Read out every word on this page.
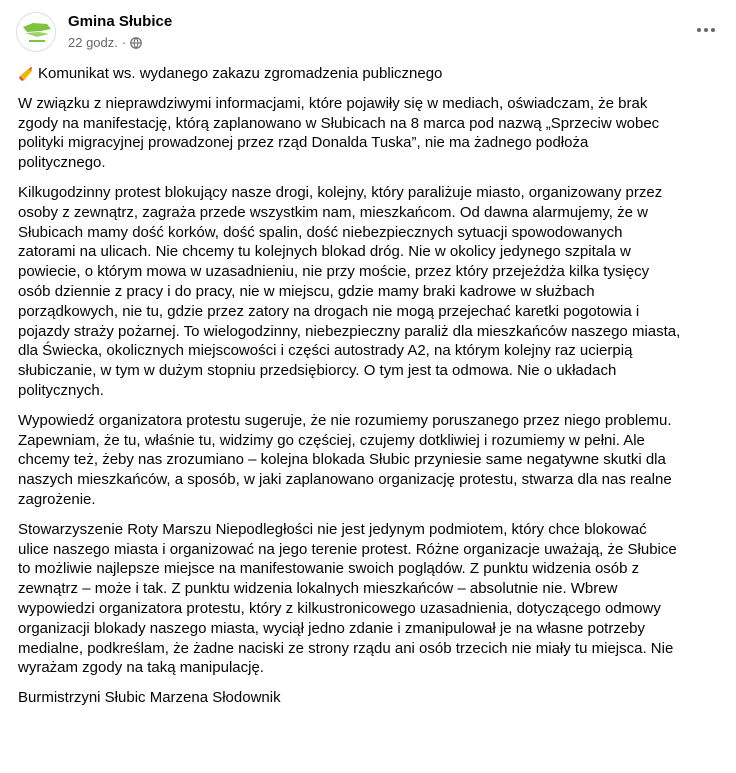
Gmina Słubice
22 godz. ·
Komunikat ws. wydanego zakazu zgromadzenia publicznego

W związku z nieprawdziwymi informacjami, które pojawiły się w mediach, oświadczam, że brak
zgody na manifestację, którą zaplanowano w Słubicach na 8 marca pod nazwą „Sprzeciw wobec
polityki migracyjnej prowadzonej przez rząd Donalda Tuska”, nie ma żadnego podłoża
politycznego.

Kilkugodzinny protest blokujący nasze drogi, kolejny, który paraliżuje miasto, organizowany przez
osoby z zewnątrz, zagraża przede wszystkim nam, mieszkańcom. Od dawna alarmujemy, że w
Słubicach mamy dość korków, dość spalin, dość niebezpiecznych sytuacji spowodowanych
zatorami na ulicach. Nie chcemy tu kolejnych blokad dróg. Nie w okolicy jedynego szpitala w
powiecie, o którym mowa w uzasadnieniu, nie przy moście, przez który przejeżdża kilka tysięcy
osób dziennie z pracy i do pracy, nie w miejscu, gdzie mamy braki kadrowe w służbach
porządkowych, nie tu, gdzie przez zatory na drogach nie mogą przejechać karetki pogotowia i
pojazdy straży pożarnej. To wielogodzinny, niebezpieczny paraliż dla mieszkańców naszego miasta,
dla Świecka, okolicznych miejscowości i części autostrady A2, na którym kolejny raz ucierpią
słubiczanie, w tym w dużym stopniu przedsiębiorcy. O tym jest ta odmowa. Nie o układach
politycznych.

Wypowiedź organizatora protestu sugeruje, że nie rozumiemy poruszanego przez niego problemu.
Zapewniam, że tu, właśnie tu, widzimy go częściej, czujemy dotkliwiej i rozumiemy w pełni. Ale
chcemy też, żeby nas zrozumiano – kolejna blokada Słubic przyniesie same negatywne skutki dla
naszych mieszkańców, a sposób, w jaki zaplanowano organizację protestu, stwarza dla nas realne
zagrożenie.

Stowarzyszenie Roty Marszu Niepodległości nie jest jedynym podmiotem, który chce blokować
ulice naszego miasta i organizować na jego terenie protest. Różne organizacje uważają, że Słubice
to możliwie najlepsze miejsce na manifestowanie swoich poglądów. Z punktu widzenia osób z
zewnątrz – może i tak. Z punktu widzenia lokalnych mieszkańców – absolutnie nie. Wbrew
wypowiedzi organizatora protestu, który z kilkustronicowego uzasadnienia, dotyczącego odmowy
organizacji blokady naszego miasta, wyciął jedno zdanie i zmanipulował je na własne potrzeby
medialne, podkreślam, że żadne naciski ze strony rządu ani osób trzecich nie miały tu miejsca. Nie
wyrażam zgody na taką manipulację.

Burmistrzyni Słubic Marzena Słodownik
